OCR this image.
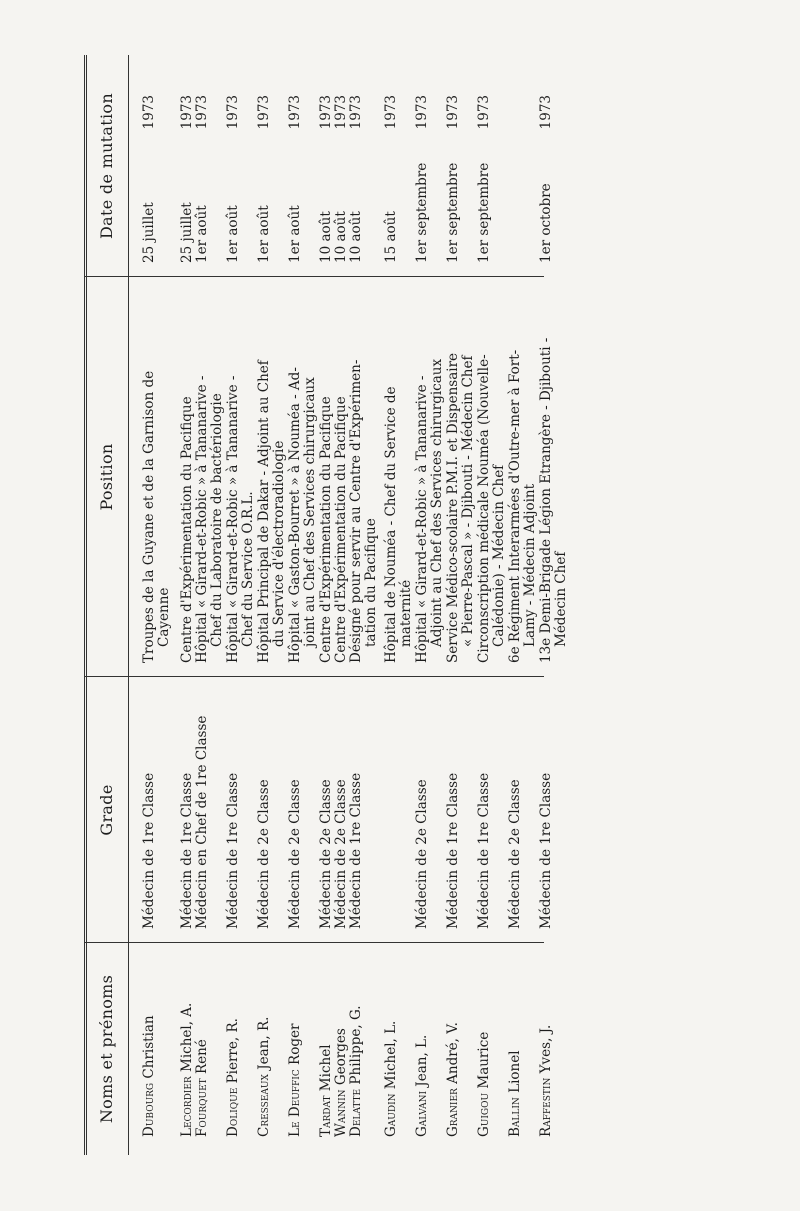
Noms et prénoms
Grade
Position
Date de mutation
Dubourg Christian
Médecin de 1re Classe
Troupes de la Guyane et de la Garnison de Cayenne
25 juillet
1973
Lecordier Michel, A.
Médecin de 1re Classe
Centre d'Expérimentation du Pacifique
25 juillet
1973
Fourquet René
Médecin en Chef de 1re Classe
Hôpital « Girard-et-Robic » à Tananarive - Chef du Laboratoire de bactériologie
1er août
1973
Dolique Pierre, R.
Médecin de 1re Classe
Hôpital « Girard-et-Robic » à Tananarive - Chef du Service O.R.L.
1er août
1973
Cresseaux Jean, R.
Médecin de 2e Classe
Hôpital Principal de Dakar - Adjoint au Chef du Service d'électroradiologie
1er août
1973
Le Deuffic Roger
Médecin de 2e Classe
Hôpital « Gaston-Bourret » à Nouméa - Ad- joint au Chef des Services chirurgicaux
1er août
1973
Tardat Michel
Médecin de 2e Classe
Centre d'Expérimentation du Pacifique
10 août
1973
Wannin Georges
Médecin de 2e Classe
Centre d'Expérimentation du Pacifique
10 août
1973
Delatte Philippe, G.
Médecin de 1re Classe
Désigné pour servir au Centre d'Expérimen- tation du Pacifique
10 août
1973
Gaudin Michel, L.
Hôpital de Nouméa - Chef du Service de maternité
15 août
1973
Galvani Jean, L.
Médecin de 2e Classe
Hôpital « Girard-et-Robic » à Tananarive - Adjoint au Chef des Services chirurgicaux
1er septembre
1973
Granier André, V.
Médecin de 1re Classe
Service Médico-scolaire P.M.I. et Dispensaire « Pierre-Pascal » - Djibouti - Médecin Chef
1er septembre
1973
Guigou Maurice
Médecin de 1re Classe
Circonscription médicale Nouméa (Nouvelle- Calédonie) - Médecin Chef
1er septembre
1973
Ballin Lionel
Médecin de 2e Classe
6e Régiment Interarmées d'Outre-mer à Fort- Lamy - Médecin Adjoint
Raffestin Yves, J.
Médecin de 1re Classe
13e Demi-Brigade Légion Etrangère - Djibouti - Médecin Chef
1er octobre
1973
